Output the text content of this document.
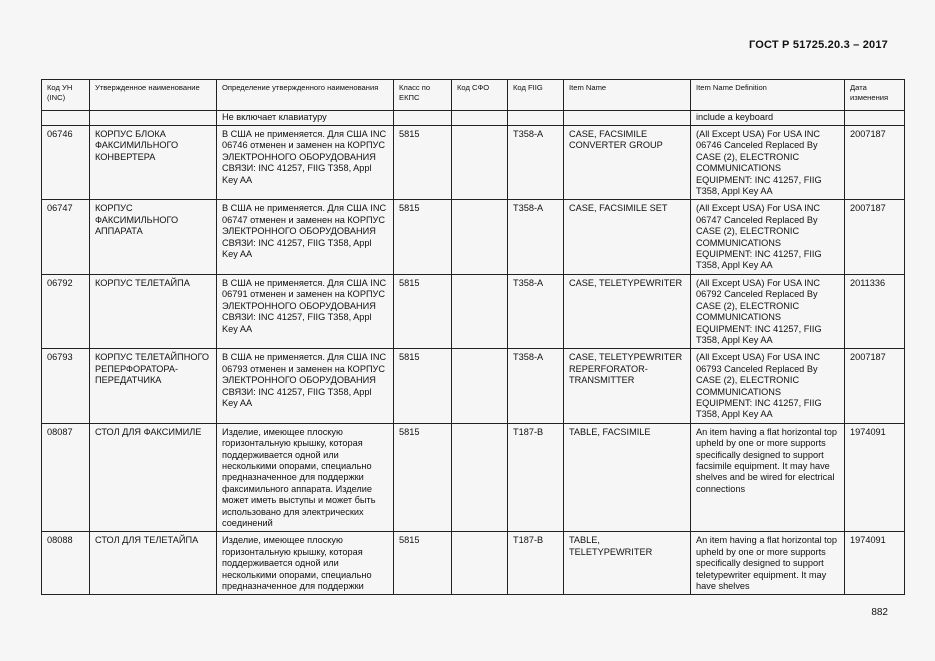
ГОСТ Р 51725.20.3 – 2017
Код УН (INC)	Утвержденное наименование	Определение утвержденного наименования	Класс по ЕКПС	Код СФО	Код FIIG	Item Name	Item Name Definition	Дата изменения
		Не включает клавиатуру					include a keyboard	
06746	КОРПУС БЛОКА ФАКСИМИЛЬНОГО КОНВЕРТЕРА	В США не применяется. Для США INC 06746 отменен и заменен на КОРПУС ЭЛЕКТРОННОГО ОБОРУДОВАНИЯ СВЯЗИ: INC 41257, FIIG T358, Appl Key AA	5815		T358-A	CASE, FACSIMILE CONVERTER GROUP	(All Except USA) For USA INC 06746 Canceled Replaced By CASE (2), ELECTRONIC COMMUNICATIONS EQUIPMENT: INC 41257, FIIG T358, Appl Key AA	2007187
06747	КОРПУС ФАКСИМИЛЬНОГО АППАРАТА	В США не применяется. Для США INC 06747 отменен и заменен на КОРПУС ЭЛЕКТРОННОГО ОБОРУДОВАНИЯ СВЯЗИ: INC 41257, FIIG T358, Appl Key AA	5815		T358-A	CASE, FACSIMILE SET	(All Except USA) For USA INC 06747 Canceled Replaced By CASE (2), ELECTRONIC COMMUNICATIONS EQUIPMENT: INC 41257, FIIG T358, Appl Key AA	2007187
06792	КОРПУС ТЕЛЕТАЙПА	В США не применяется. Для США INC 06791 отменен и заменен на КОРПУС ЭЛЕКТРОННОГО ОБОРУДОВАНИЯ СВЯЗИ: INC 41257, FIIG T358, Appl Key AA	5815		T358-A	CASE, TELETYPEWRITER	(All Except USA) For USA INC 06792 Canceled Replaced By CASE (2), ELECTRONIC COMMUNICATIONS EQUIPMENT: INC 41257, FIIG T358, Appl Key AA	2011336
06793	КОРПУС ТЕЛЕТАЙПНОГО РЕПЕРФОРАТОРА-ПЕРЕДАТЧИКА	В США не применяется. Для США INC 06793 отменен и заменен на КОРПУС ЭЛЕКТРОННОГО ОБОРУДОВАНИЯ СВЯЗИ: INC 41257, FIIG T358, Appl Key AA	5815		T358-A	CASE, TELETYPEWRITER REPERFORATOR-TRANSMITTER	(All Except USA) For USA INC 06793 Canceled Replaced By CASE (2), ELECTRONIC COMMUNICATIONS EQUIPMENT: INC 41257, FIIG T358, Appl Key AA	2007187
08087	СТОЛ ДЛЯ ФАКСИМИЛЕ	Изделие, имеющее плоскую горизонтальную крышку, которая поддерживается одной или несколькими опорами, специально предназначенное для поддержки факсимильного аппарата. Изделие может иметь выступы и может быть использовано для электрических соединений	5815		T187-B	TABLE, FACSIMILE	An item having a flat horizontal top upheld by one or more supports specifically designed to support facsimile equipment. It may have shelves and be wired for electrical connections	1974091
08088	СТОЛ ДЛЯ ТЕЛЕТАЙПА	Изделие, имеющее плоскую горизонтальную крышку, которая поддерживается одной или несколькими опорами, специально предназначенное для поддержки	5815		T187-B	TABLE, TELETYPEWRITER	An item having a flat horizontal top upheld by one or more supports specifically designed to support teletypewriter equipment. It may have shelves	1974091
882
